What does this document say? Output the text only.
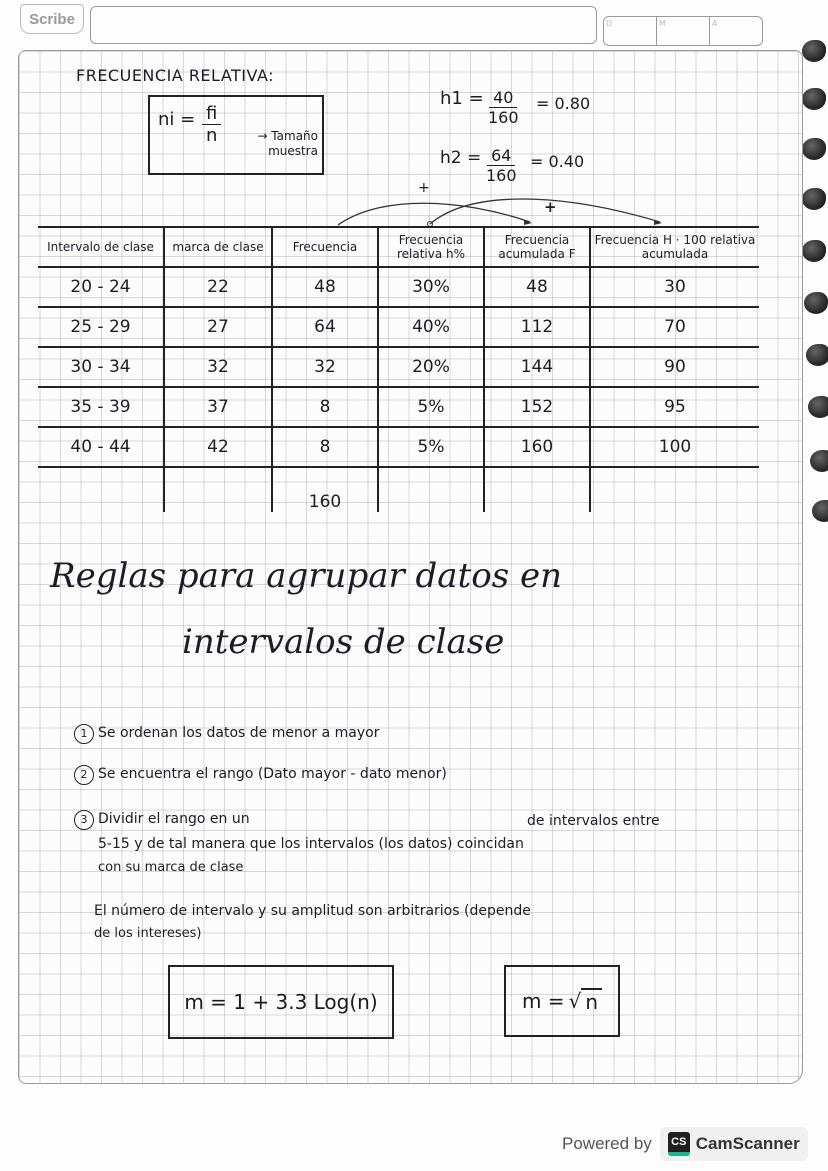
Scribe	D	M	A
FRECUENCIA RELATIVA:
ni = $\frac{fi}{n}$	→ Tamaño muestra
$h1 = \frac{40}{160} = 0.80$
$h2 = \frac{64}{160} = 0.40$
+
+
Intervalo de clase	marca de clase	Frecuencia	Frecuencia relativa h%	Frecuencia acumulada F	Frecuencia H · 100 relativa acumulada
20 - 24	22	48	30%	48	30
25 - 29	27	64	40%	112	70
30 - 34	32	32	20%	144	90
35 - 39	37	8	5%	152	95
40 - 44	42	8	5%	160	100
		160			
Reglas para agrupar datos en
intervalos de clase
1 Se ordenan los datos de menor a mayor
2 Se encuentra el rango (Dato mayor - dato menor)
3 Dividir el rango en un	de intervalos entre
5-15 y de tal manera que los intervalos (los datos) coincidan
con su marca de clase
El número de intervalo y su amplitud son arbitrarios (depende
de los intereses)
m = 1 + 3.3 Log(n)	m = √ n
Powered by	CS CamScanner
